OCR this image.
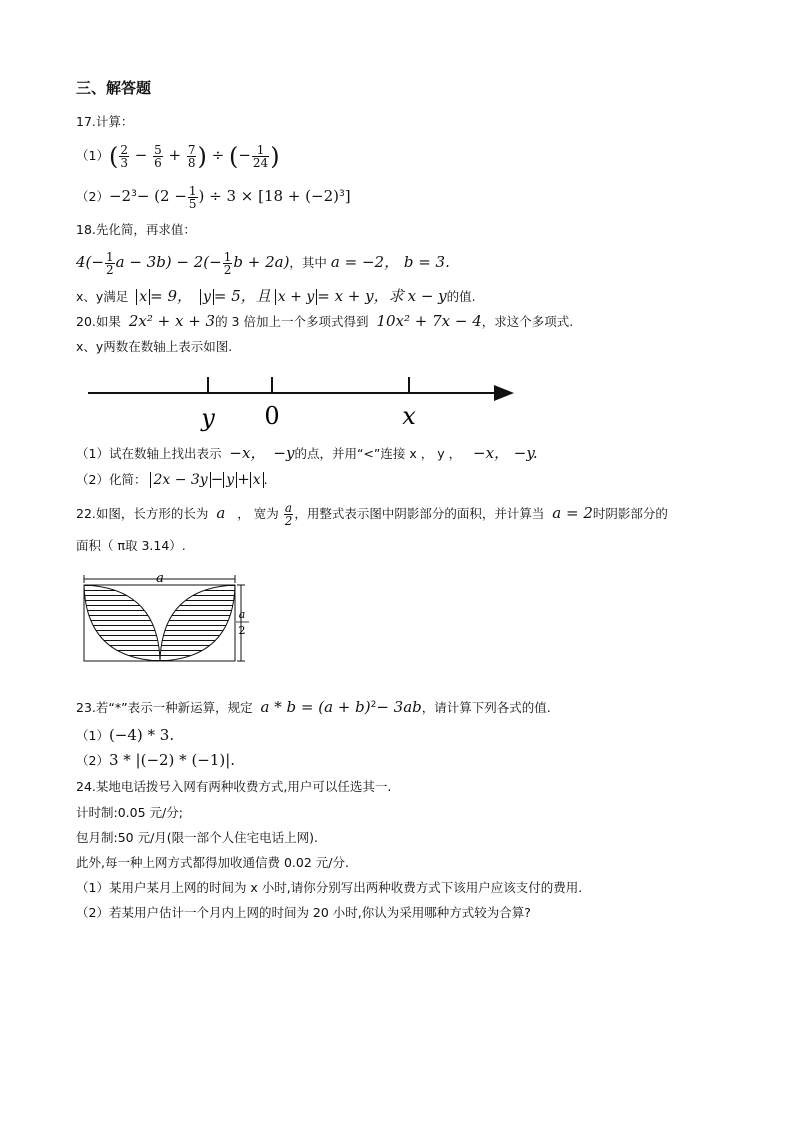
三、解答题
17.计算：
$(1)( \frac{2}{3} - \frac{5}{6} + \frac{7}{8}$ ) ÷ (− $\frac{1}{24}$ )
$(2)-2^3- (2 - \frac{1}{5}$ ) ÷ $3 \times [18 + (-2)^3]$
18.先化简，再求值：
$4(- \frac{1}{2}$ $a - 3b) - 2(- \frac{1}{2}$ b + 2a)，其中 a = −2， b = 3.
x、y满足 x = 9， y = 5，且 x + y = x + y，求 x − y的值.
20.如果 2x² + x + 3的 3 倍加上一个多项式得到 10x² + 7x − 4，求这个多项式.
x、y两数在数轴上表示如图.
y 0	x
（1）试在数轴上找出表示 −x， −y的点，并用“<”连接 x ， y ， −x， −y.
（2）化简： 2x − 3y − y + x .
22.如图，长方形的长为 a ， 宽为 $\frac{a}{2}$ ，用整式表示图中阴影部分的面积，并计算当 a = 2时阴影部分的
面积（ π取 3.14）.
a
a
2
23.若“*”表示一种新运算，规定 $a * b = (a + b)^2- 3ab$，请计算下列各式的值.
（1）(−4) * 3.
（2）3 * |(−2) * (−1)|.
24.某地电话拨号入网有两种收费方式,用户可以任选其一.
计时制:0.05 元/分;
包月制:50 元/月(限一部个人住宅电话上网).
此外,每一种上网方式都得加收通信费 0.02 元/分.
（1）某用户某月上网的时间为 x 小时,请你分别写出两种收费方式下该用户应该支付的费用.
（2）若某用户估计一个月内上网的时间为 20 小时,你认为采用哪种方式较为合算?
